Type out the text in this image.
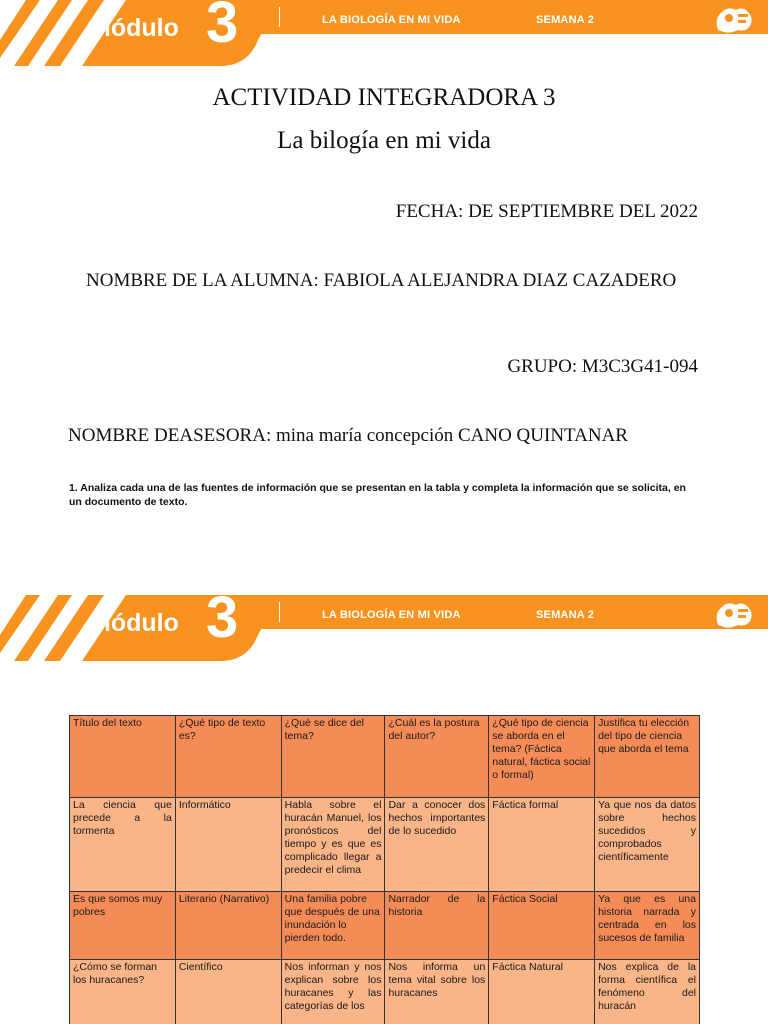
Módulo 3	LA BIOLOGÍA EN MI VIDA	SEMANA 2
ACTIVIDAD INTEGRADORA 3
La bilogía en mi vida
FECHA: DE SEPTIEMBRE DEL 2022
NOMBRE DE LA ALUMNA: FABIOLA ALEJANDRA DIAZ CAZADERO
GRUPO: M3C3G41-094
NOMBRE DEASESORA: mina maría concepción CANO QUINTANAR
1. Analiza cada una de las fuentes de información que se presentan en la tabla y completa la información que se solicita, en un documento de texto.
Módulo 3	LA BIOLOGÍA EN MI VIDA	SEMANA 2
Título del texto	¿Qué tipo de texto es?	¿Qué se dice del tema?	¿Cuál es la postura del autor?	¿Qué tipo de ciencia se aborda en el tema? (Fáctica natural, fáctica social o formal)	Justifica tu elección del tipo de ciencia que aborda el tema
La ciencia que precede a la tormenta	Informático	Habla sobre el huracán Manuel, los pronósticos del tiempo y es que es complicado llegar a predecir el clima	Dar a conocer dos hechos importantes de lo sucedido	Fáctica formal	Ya que nos da datos sobre hechos sucedidos y comprobados científicamente
Es que somos muy pobres	Literario (Narrativo)	Una familia pobre que después de una inundación lo pierden todo.	Narrador de la historia	Fáctica Social	Ya que es una historia narrada y centrada en los sucesos de familia
¿Cómo se forman los huracanes?	Científico	Nos informan y nos explican sobre los huracanes y las categorías de los	Nos informa un tema vital sobre los huracanes	Fáctica Natural	Nos explica de la forma científica el fenómeno del huracán
